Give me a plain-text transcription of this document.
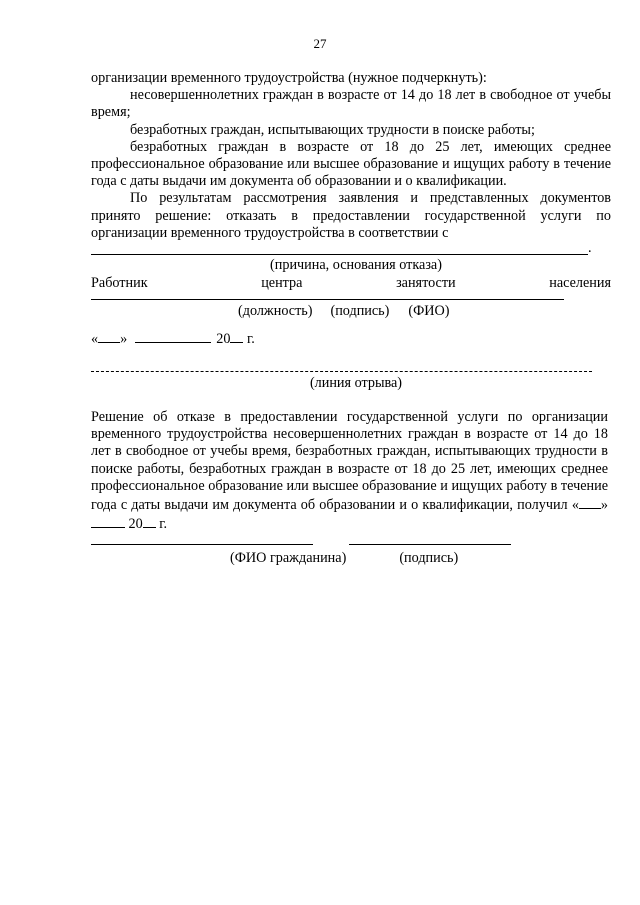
27

организации временного трудоустройства (нужное подчеркнуть):

несовершеннолетних граждан в возрасте от 14 до 18 лет в свободное от учебы время;

безработных граждан, испытывающих трудности в поиске работы;

безработных граждан в возрасте от 18 до 25 лет, имеющих среднее профессиональное образование или высшее образование и ищущих работу в течение года с даты выдачи им документа об образовании и о квалификации.

По результатам рассмотрения заявления и представленных документов принято решение: отказать в предоставлении государственной услуги по организации временного трудоустройства в соответствии с

.
(причина, основания отказа)
Работник	центра	занятости	населения
(должность) (подпись) (ФИО)
« »	20 г.
(линия отрыва)

Решение об отказе в предоставлении государственной услуги по организации временного трудоустройства несовершеннолетних граждан в возрасте от 14 до 18 лет в свободное от учебы время, безработных граждан, испытывающих трудности в поиске работы, безработных граждан в возрасте от 18 до 25 лет, имеющих среднее профессиональное образование или высшее образование и ищущих работу в течение года с даты выдачи им документа об образовании и о квалификации, получил « »  20 г.

(ФИО гражданина)	(подпись)
